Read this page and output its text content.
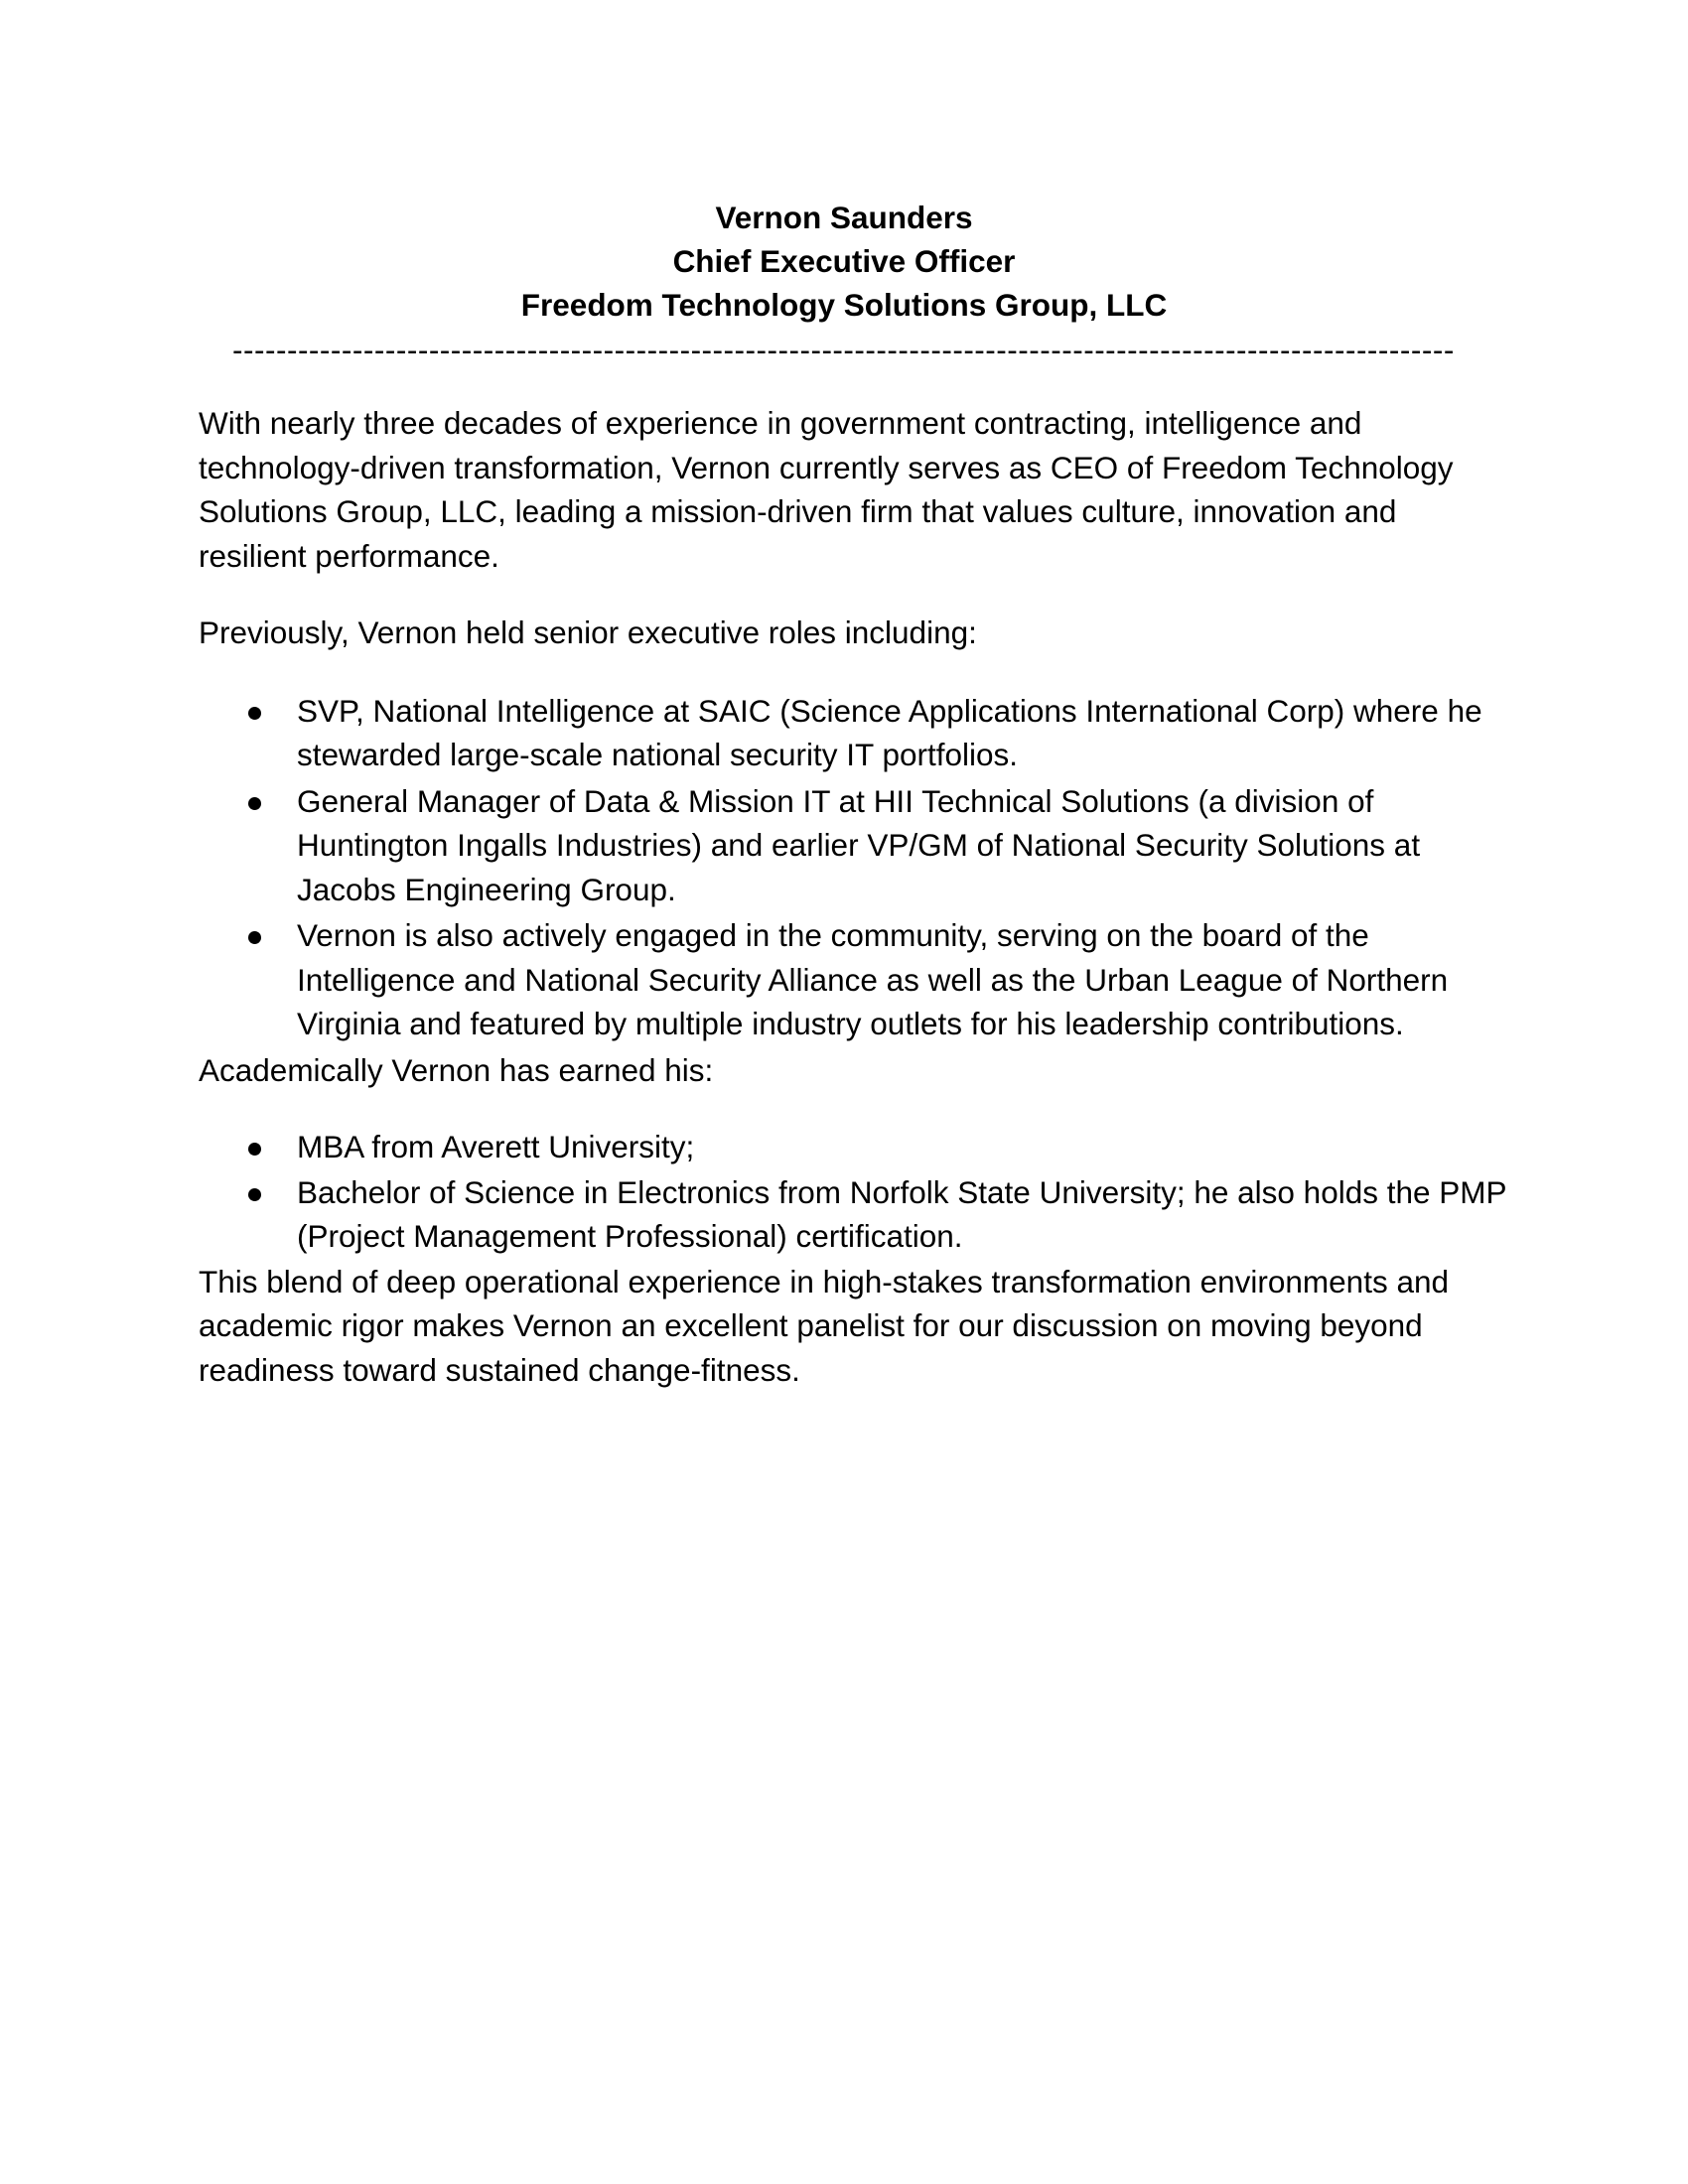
Vernon Saunders
Chief Executive Officer
Freedom Technology Solutions Group, LLC
----------------------------------------------------------------------------------------------------------------

With nearly three decades of experience in government contracting, intelligence and technology-driven transformation, Vernon currently serves as CEO of Freedom Technology Solutions Group, LLC, leading a mission-driven firm that values culture, innovation and resilient performance.

Previously, Vernon held senior executive roles including:

SVP, National Intelligence at SAIC (Science Applications International Corp) where he stewarded large-scale national security IT portfolios.
General Manager of Data & Mission IT at HII Technical Solutions (a division of Huntington Ingalls Industries) and earlier VP/GM of National Security Solutions at Jacobs Engineering Group.
Vernon is also actively engaged in the community, serving on the board of the Intelligence and National Security Alliance as well as the Urban League of Northern Virginia and featured by multiple industry outlets for his leadership contributions.

Academically Vernon has earned his:

MBA from Averett University;
Bachelor of Science in Electronics from Norfolk State University; he also holds the PMP (Project Management Professional) certification.

This blend of deep operational experience in high-stakes transformation environments and academic rigor makes Vernon an excellent panelist for our discussion on moving beyond readiness toward sustained change-fitness.
